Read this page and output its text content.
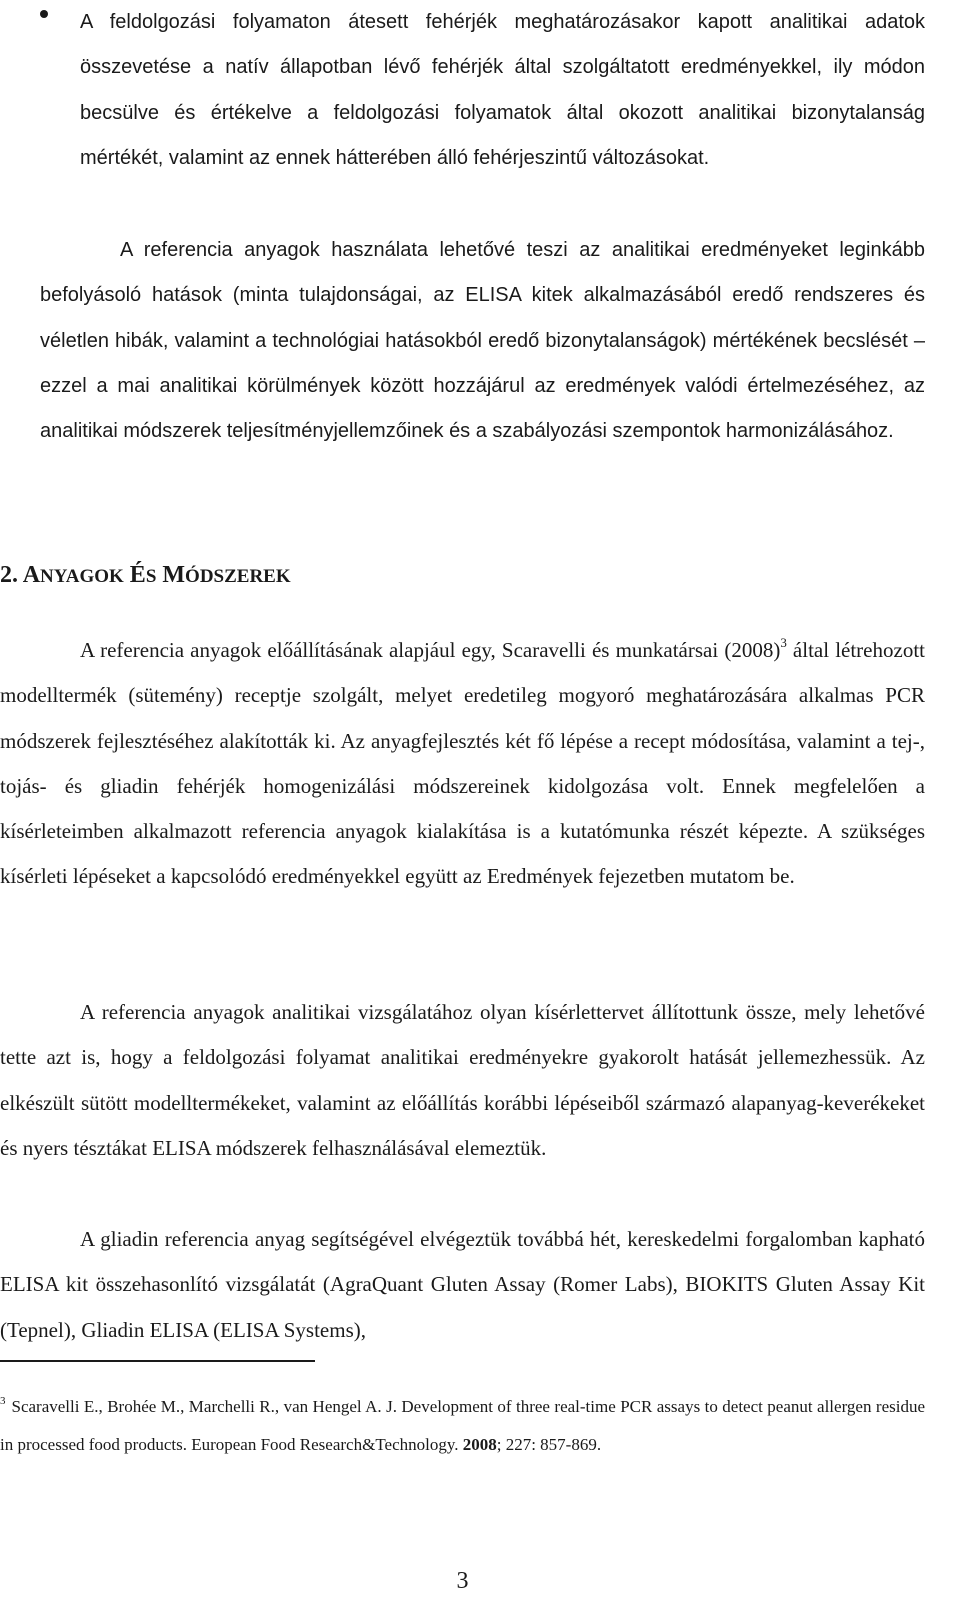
A feldolgozási folyamaton átesett fehérjék meghatározásakor kapott analitikai adatok összevetése a natív állapotban lévő fehérjék által szolgáltatott eredményekkel, ily módon becsülve és értékelve a feldolgozási folyamatok által okozott analitikai bizonytalanság mértékét, valamint az ennek hátterében álló fehérjeszintű változásokat.

A referencia anyagok használata lehetővé teszi az analitikai eredményeket leginkább befolyásoló hatások (minta tulajdonságai, az ELISA kitek alkalmazásából eredő rendszeres és véletlen hibák, valamint a technológiai hatásokból eredő bizonytalanságok) mértékének becslését – ezzel a mai analitikai körülmények között hozzájárul az eredmények valódi értelmezéséhez, az analitikai módszerek teljesítményjellemzőinek és a szabályozási szempontok harmonizálásához.

2. ANYAGOK ÉS MÓDSZEREK

A referencia anyagok előállításának alapjául egy, Scaravelli és munkatársai $(2008)^3$ által létrehozott modelltermék (sütemény) receptje szolgált, melyet eredetileg mogyoró meghatározására alkalmas PCR módszerek fejlesztéséhez alakították ki. Az anyagfejlesztés két fő lépése a recept módosítása, valamint a tej-, tojás- és gliadin fehérjék homogenizálási módszereinek kidolgozása volt. Ennek megfelelően a kísérleteimben alkalmazott referencia anyagok kialakítása is a kutatómunka részét képezte. A szükséges kísérleti lépéseket a kapcsolódó eredményekkel együtt az Eredmények fejezetben mutatom be.

A referencia anyagok analitikai vizsgálatához olyan kísérlettervet állítottunk össze, mely lehetővé tette azt is, hogy a feldolgozási folyamat analitikai eredményekre gyakorolt hatását jellemezhessük. Az elkészült sütött modelltermékeket, valamint az előállítás korábbi lépéseiből származó alapanyag-keverékeket és nyers tésztákat ELISA módszerek felhasználásával elemeztük.

A gliadin referencia anyag segítségével elvégeztük továbbá hét, kereskedelmi forgalomban kapható ELISA kit összehasonlító vizsgálatát (AgraQuant Gluten Assay (Romer Labs), BIOKITS Gluten Assay Kit (Tepnel), Gliadin ELISA (ELISA Systems),

$^3$ Scaravelli E., Brohée M., Marchelli R., van Hengel A. J. Development of three real-time PCR assays to detect peanut allergen residue in processed food products. European Food Research&Technology. 2008; 227: 857-869.

3
